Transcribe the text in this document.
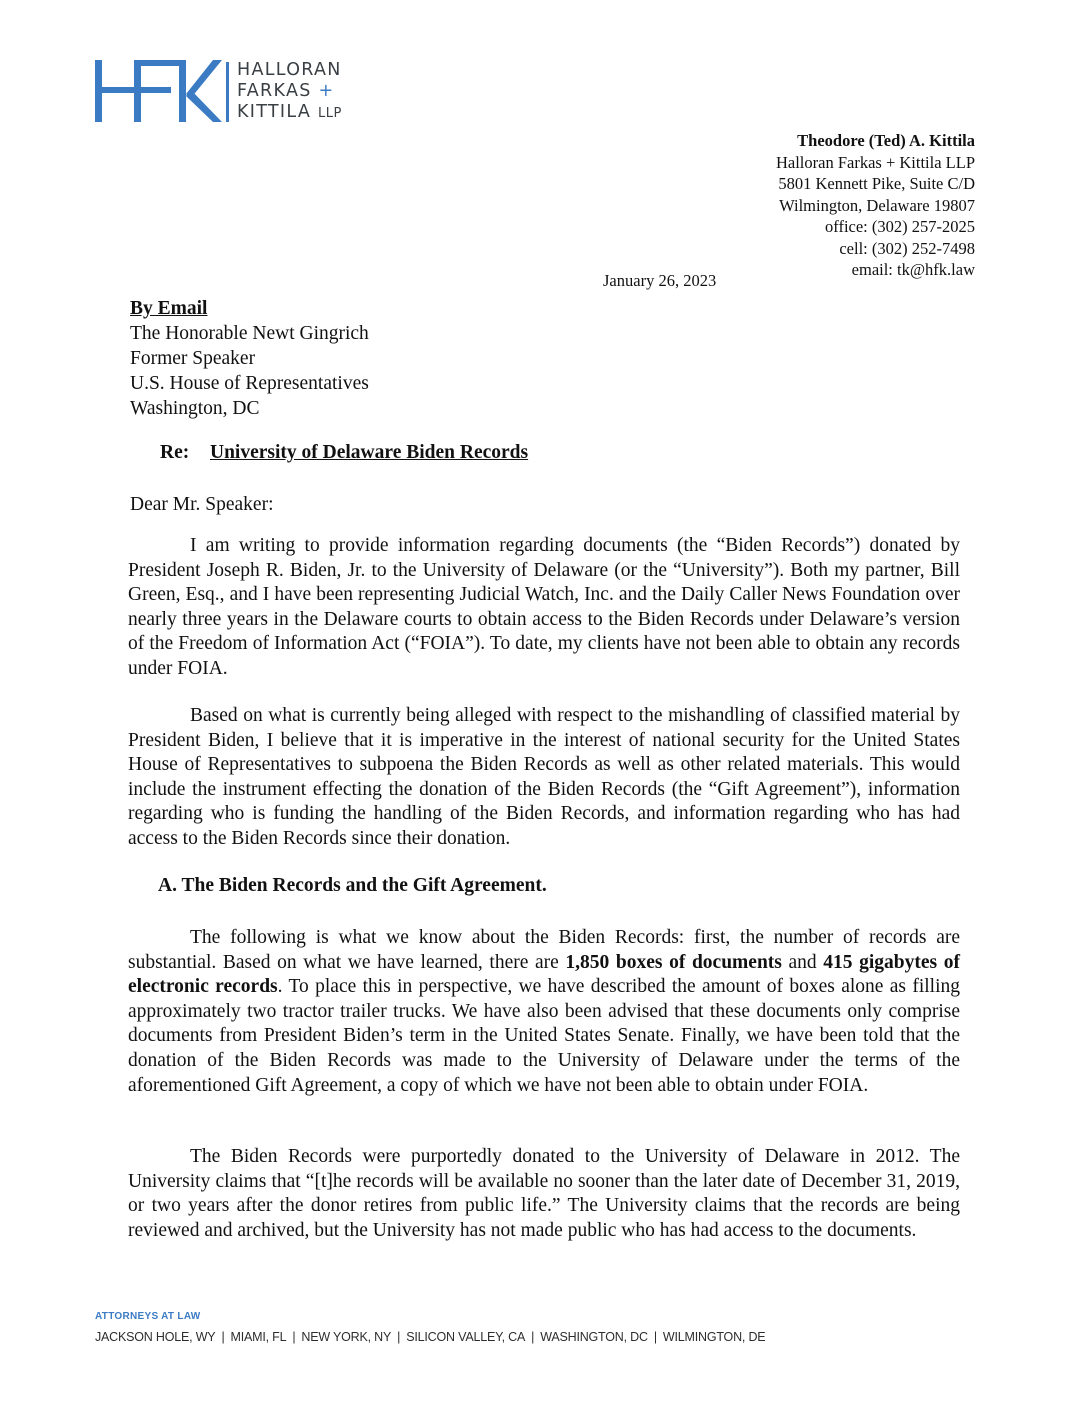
HALLORAN
FARKAS +
KITTILA LLP
Theodore (Ted) A. Kittila
Halloran Farkas + Kittila LLP
5801 Kennett Pike, Suite C/D
Wilmington, Delaware 19807
office: (302) 257-2025
cell: (302) 252-7498
email: tk@hfk.law
January 26, 2023
By Email
The Honorable Newt Gingrich
Former Speaker
U.S. House of Representatives
Washington, DC
Re: University of Delaware Biden Records
Dear Mr. Speaker:
I am writing to provide information regarding documents (the “Biden Records”) donated by President Joseph R. Biden, Jr. to the University of Delaware (or the “University”). Both my partner, Bill Green, Esq., and I have been representing Judicial Watch, Inc. and the Daily Caller News Foundation over nearly three years in the Delaware courts to obtain access to the Biden Records under Delaware’s version of the Freedom of Information Act (“FOIA”). To date, my clients have not been able to obtain any records under FOIA.
Based on what is currently being alleged with respect to the mishandling of classified material by President Biden, I believe that it is imperative in the interest of national security for the United States House of Representatives to subpoena the Biden Records as well as other related materials. This would include the instrument effecting the donation of the Biden Records (the “Gift Agreement”), information regarding who is funding the handling of the Biden Records, and information regarding who has had access to the Biden Records since their donation.
A. The Biden Records and the Gift Agreement.
The following is what we know about the Biden Records: first, the number of records are substantial. Based on what we have learned, there are 1,850 boxes of documents and 415 gigabytes of electronic records. To place this in perspective, we have described the amount of boxes alone as filling approximately two tractor trailer trucks. We have also been advised that these documents only comprise documents from President Biden’s term in the United States Senate. Finally, we have been told that the donation of the Biden Records was made to the University of Delaware under the terms of the aforementioned Gift Agreement, a copy of which we have not been able to obtain under FOIA.
The Biden Records were purportedly donated to the University of Delaware in 2012. The University claims that “[t]he records will be available no sooner than the later date of December 31, 2019, or two years after the donor retires from public life.” The University claims that the records are being reviewed and archived, but the University has not made public who has had access to the documents.
ATTORNEYS AT LAW
JACKSON HOLE, WY | MIAMI, FL | NEW YORK, NY | SILICON VALLEY, CA | WASHINGTON, DC | WILMINGTON, DE
